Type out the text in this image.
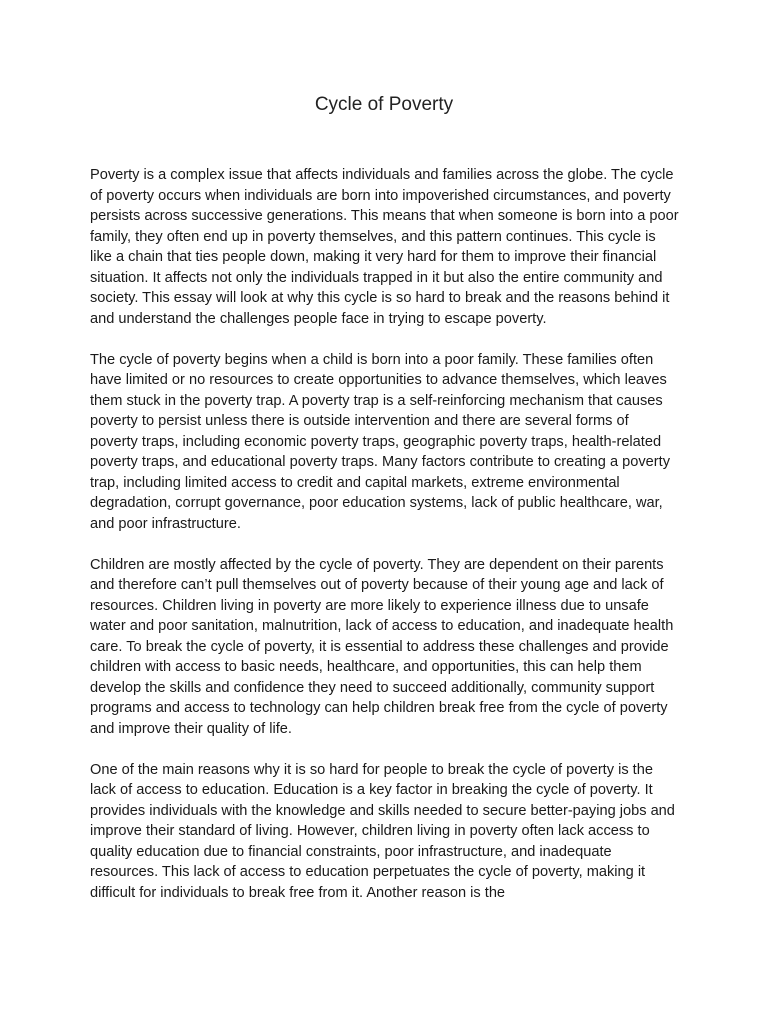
Cycle of Poverty

Poverty is a complex issue that affects individuals and families across the globe. The cycle of poverty occurs when individuals are born into impoverished circumstances, and poverty persists across successive generations. This means that when someone is born into a poor family, they often end up in poverty themselves, and this pattern continues. This cycle is like a chain that ties people down, making it very hard for them to improve their financial situation. It affects not only the individuals trapped in it but also the entire community and society. This essay will look at why this cycle is so hard to break and the reasons behind it and understand the challenges people face in trying to escape poverty.

The cycle of poverty begins when a child is born into a poor family. These families often have limited or no resources to create opportunities to advance themselves, which leaves them stuck in the poverty trap. A poverty trap is a self-reinforcing mechanism that causes poverty to persist unless there is outside intervention and there are several forms of poverty traps, including economic poverty traps, geographic poverty traps, health-related poverty traps, and educational poverty traps. Many factors contribute to creating a poverty trap, including limited access to credit and capital markets, extreme environmental degradation, corrupt governance, poor education systems, lack of public healthcare, war, and poor infrastructure.

Children are mostly affected by the cycle of poverty. They are dependent on their parents and therefore can’t pull themselves out of poverty because of their young age and lack of resources. Children living in poverty are more likely to experience illness due to unsafe water and poor sanitation, malnutrition, lack of access to education, and inadequate health care. To break the cycle of poverty, it is essential to address these challenges and provide children with access to basic needs, healthcare, and opportunities, this can help them develop the skills and confidence they need to succeed additionally, community support programs and access to technology can help children break free from the cycle of poverty and improve their quality of life.

One of the main reasons why it is so hard for people to break the cycle of poverty is the lack of access to education. Education is a key factor in breaking the cycle of poverty. It provides individuals with the knowledge and skills needed to secure better-paying jobs and improve their standard of living. However, children living in poverty often lack access to quality education due to financial constraints, poor infrastructure, and inadequate resources. This lack of access to education perpetuates the cycle of poverty, making it difficult for individuals to break free from it. Another reason is the
